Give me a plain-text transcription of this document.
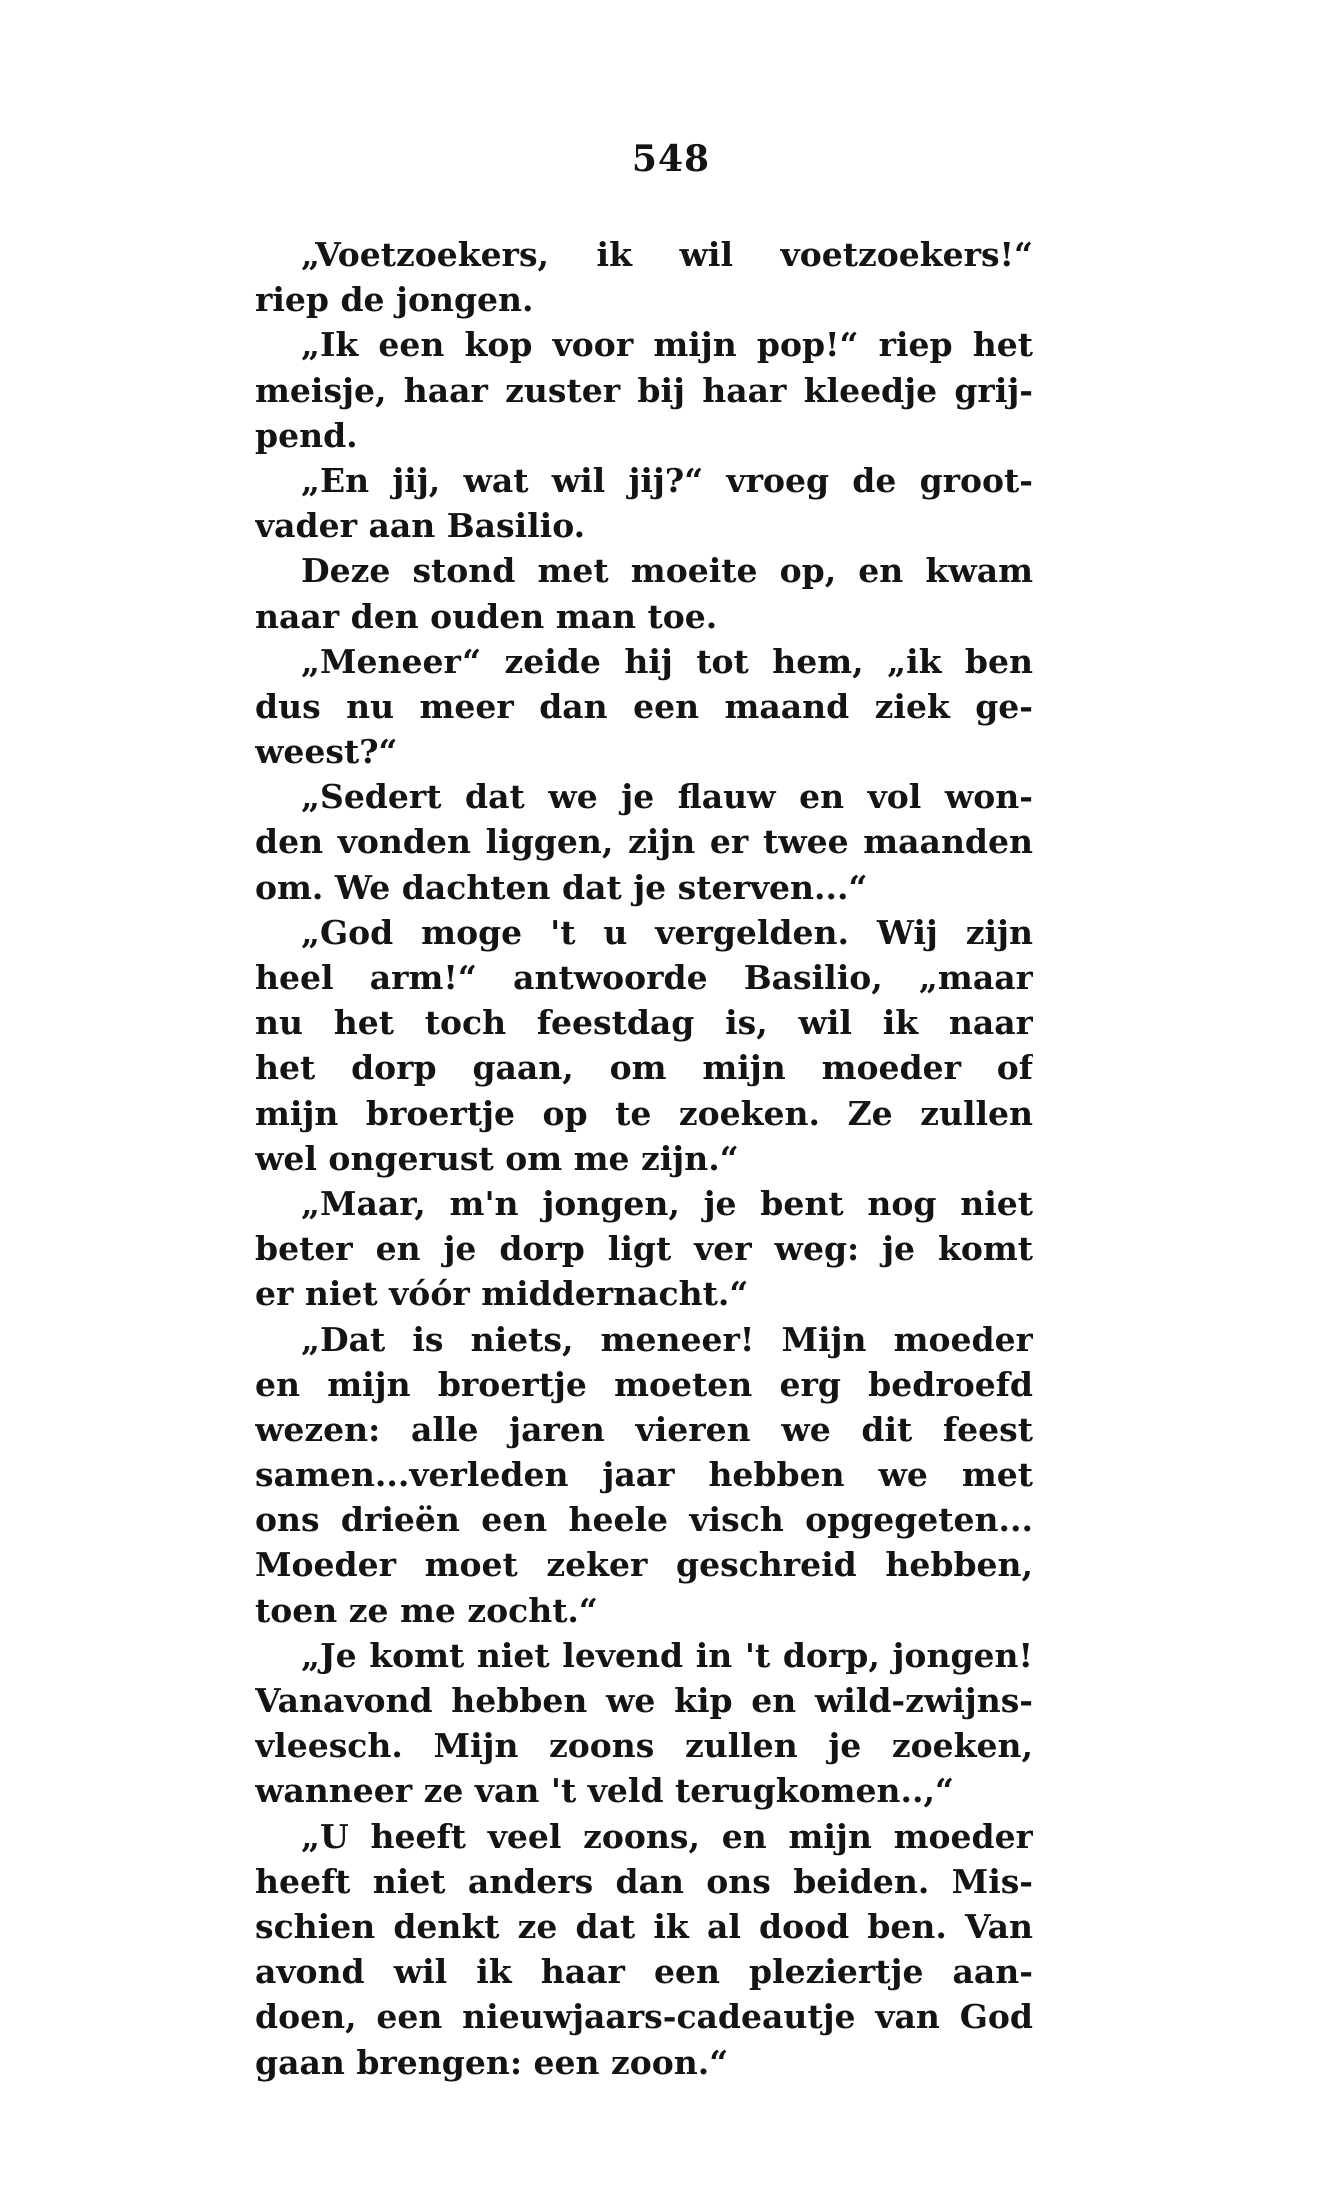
548
„Voetzoekers, ik wil voetzoekers!“
riep de jongen.
„Ik een kop voor mijn pop!“ riep het
meisje, haar zuster bij haar kleedje grij-
pend.
„En jij, wat wil jij?“ vroeg de groot-
vader aan Basilio.
Deze stond met moeite op, en kwam
naar den ouden man toe.
„Meneer“ zeide hij tot hem, „ik ben
dus nu meer dan een maand ziek ge-
weest?“
„Sedert dat we je flauw en vol won-
den vonden liggen, zijn er twee maanden
om. We dachten dat je sterven...“
„God moge 't u vergelden. Wij zijn
heel arm!“ antwoorde Basilio, „maar
nu het toch feestdag is, wil ik naar
het dorp gaan, om mijn moeder of
mijn broertje op te zoeken. Ze zullen
wel ongerust om me zijn.“
„Maar, m'n jongen, je bent nog niet
beter en je dorp ligt ver weg: je komt
er niet vóór middernacht.“
„Dat is niets, meneer! Mijn moeder
en mijn broertje moeten erg bedroefd
wezen: alle jaren vieren we dit feest
samen...verleden jaar hebben we met
ons drieën een heele visch opgegeten...
Moeder moet zeker geschreid hebben,
toen ze me zocht.“
„Je komt niet levend in 't dorp, jongen!
Vanavond hebben we kip en wild-zwijns-
vleesch. Mijn zoons zullen je zoeken,
wanneer ze van 't veld terugkomen..,“
„U heeft veel zoons, en mijn moeder
heeft niet anders dan ons beiden. Mis-
schien denkt ze dat ik al dood ben. Van
avond wil ik haar een pleziertje aan-
doen, een nieuwjaars-cadeautje van God
gaan brengen: een zoon.“
